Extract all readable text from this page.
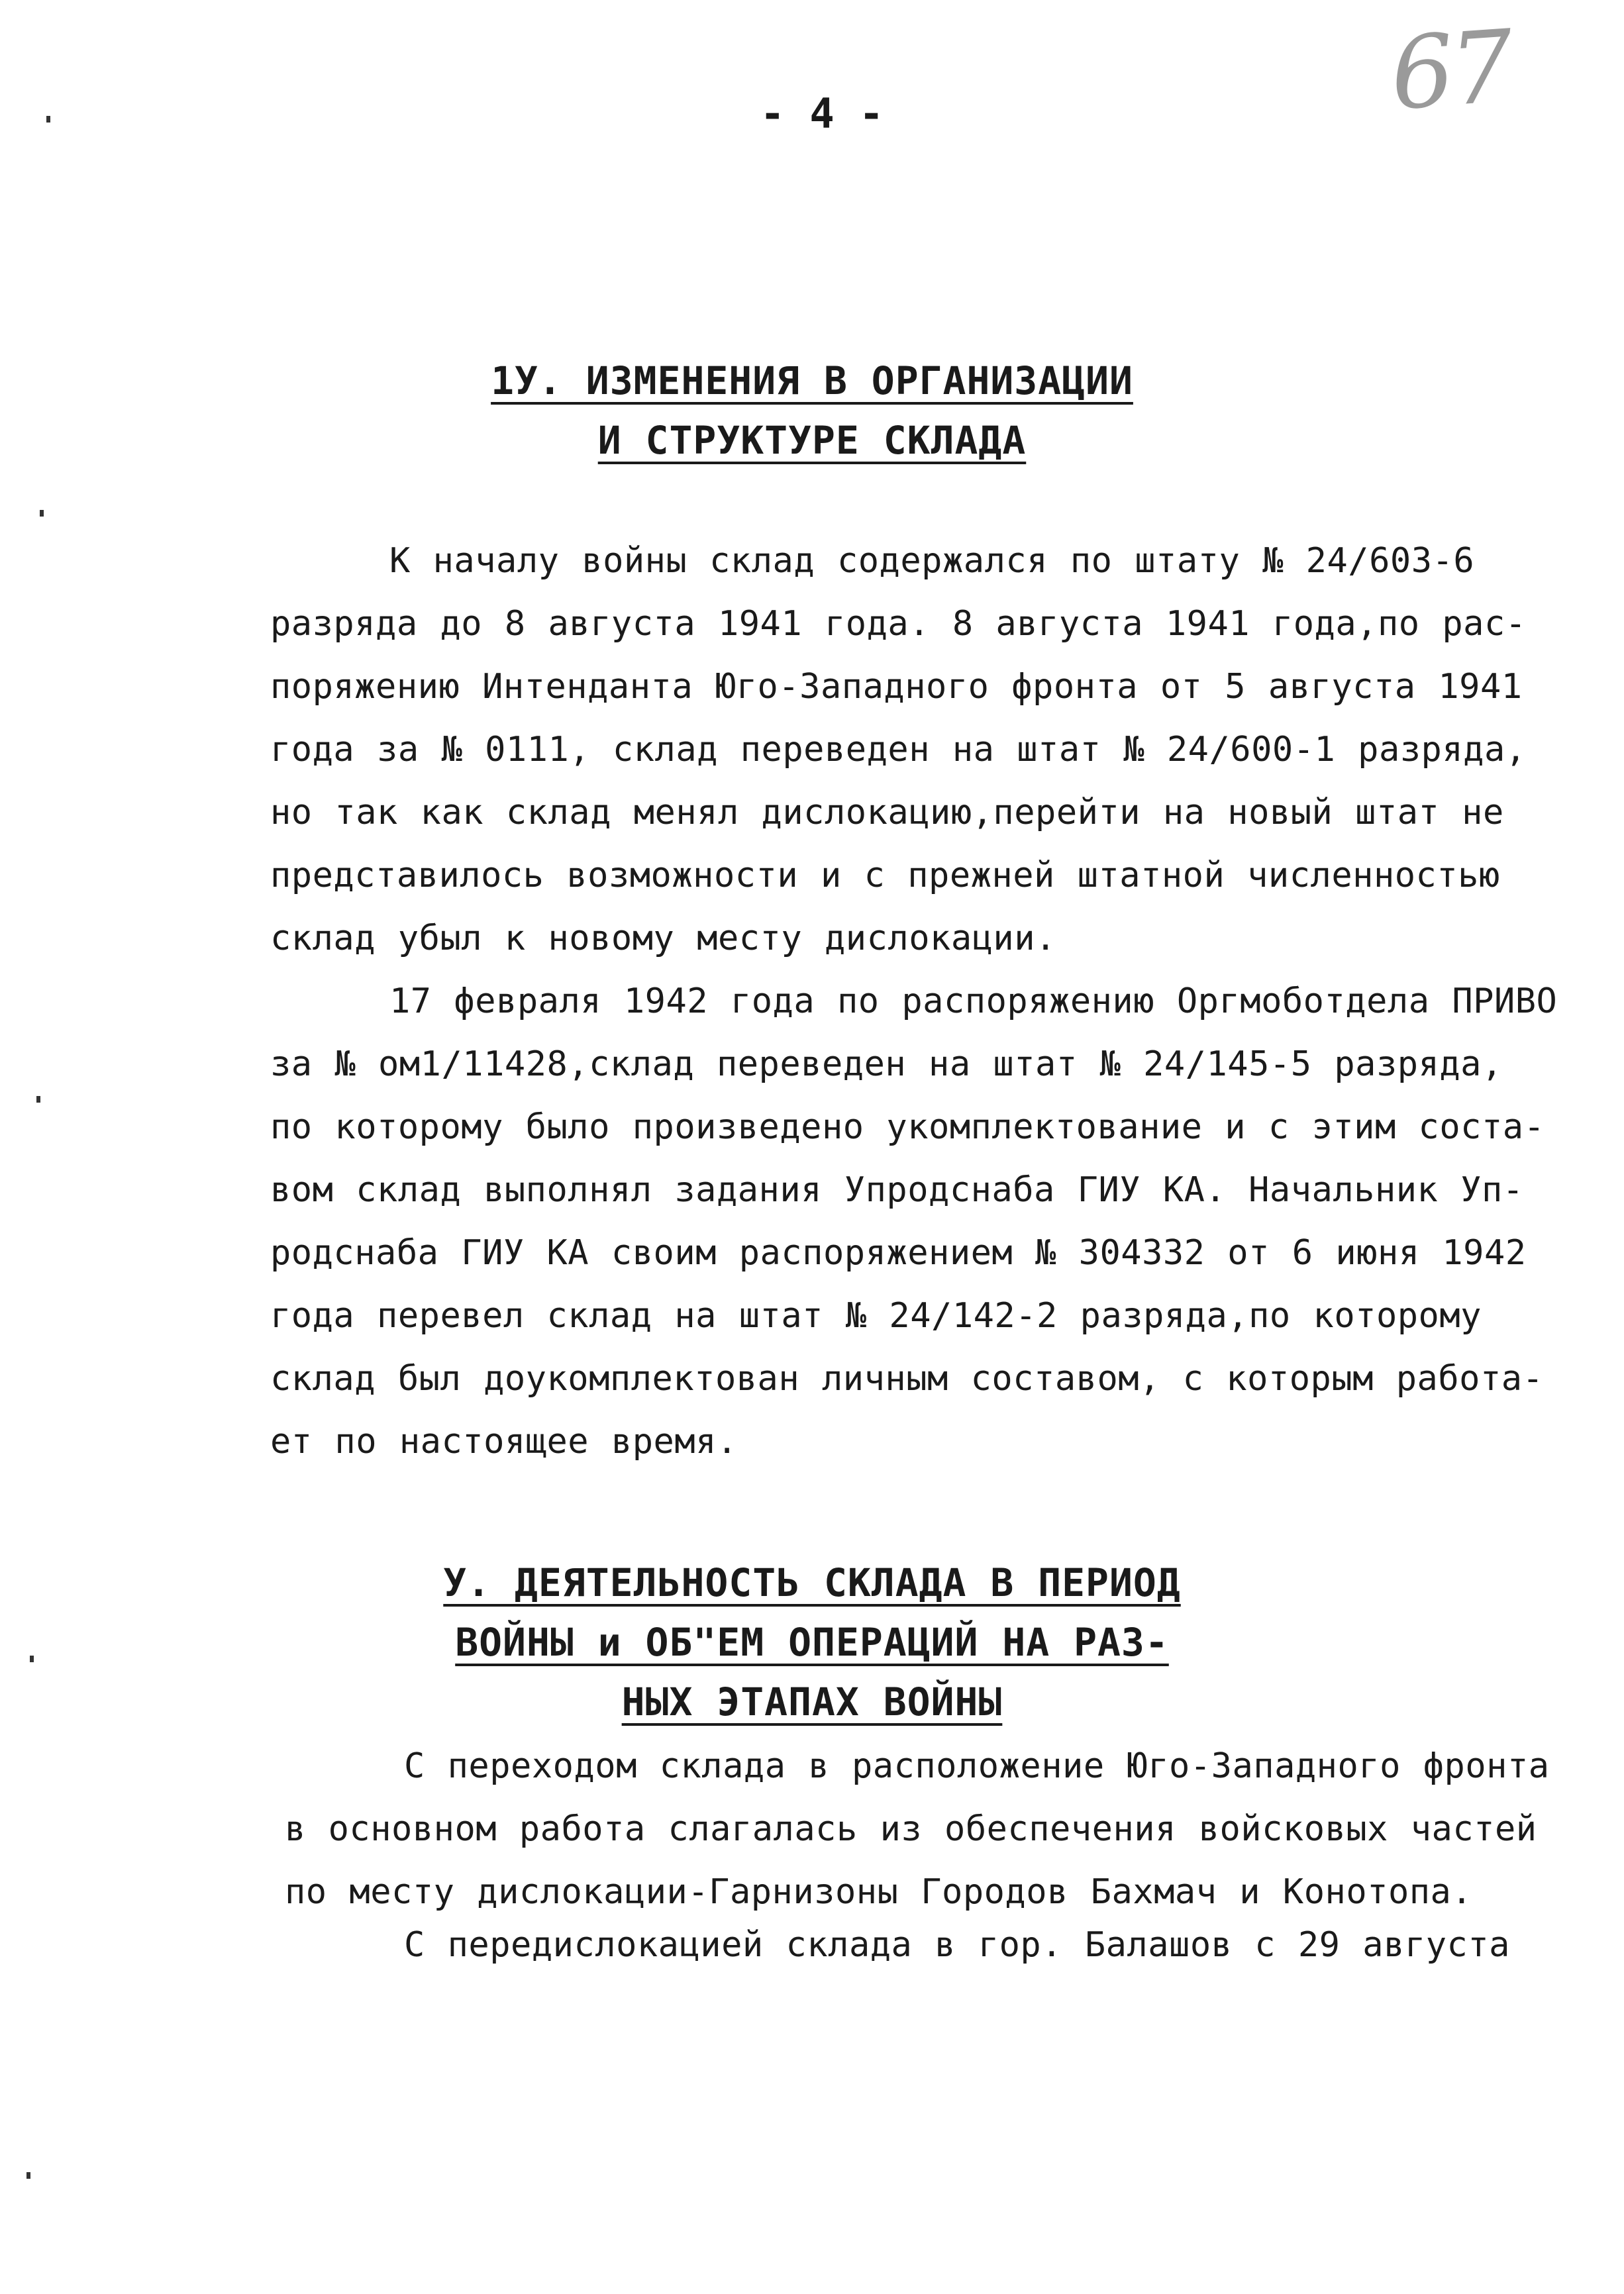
67
- 4 -
1У. ИЗМЕНЕНИЯ В ОРГАНИЗАЦИИ
И СТРУКТУРЕ СКЛАДА
К началу войны склад содержался по штату № 24/603-6
разряда до 8 августа 1941 года. 8 августа 1941 года,по рас-
поряжению Интенданта Юго-Западного фронта от 5 августа 1941
года за № 0111, склад переведен на штат № 24/600-1 разряда,
но так как склад менял дислокацию,перейти на новый штат не
представилось возможности и с прежней штатной численностью
склад убыл к новому месту дислокации.
17 февраля 1942 года по распоряжению Оргмоботдела ПРИВО
за № ом1/11428,склад переведен на штат № 24/145-5 разряда,
по которому было произведено укомплектование и с этим соста-
вом склад выполнял задания Упродснаба ГИУ КА. Начальник Уп-
родснаба ГИУ КА своим распоряжением № 304332 от 6 июня 1942
года перевел склад на штат № 24/142-2 разряда,по которому
склад был доукомплектован личным составом, с которым работа-
ет по настоящее время.
У. ДЕЯТЕЛЬНОСТЬ СКЛАДА В ПЕРИОД
ВОЙНЫ и ОБ"ЕМ ОПЕРАЦИЙ НА РАЗ-
НЫХ ЭТАПАХ ВОЙНЫ
С переходом склада в расположение Юго-Западного фронта
в основном работа слагалась из обеспечения войсковых частей
по месту дислокации-Гарнизоны Городов Бахмач и Конотопа.
С передислокацией склада в гор. Балашов с 29 августа
